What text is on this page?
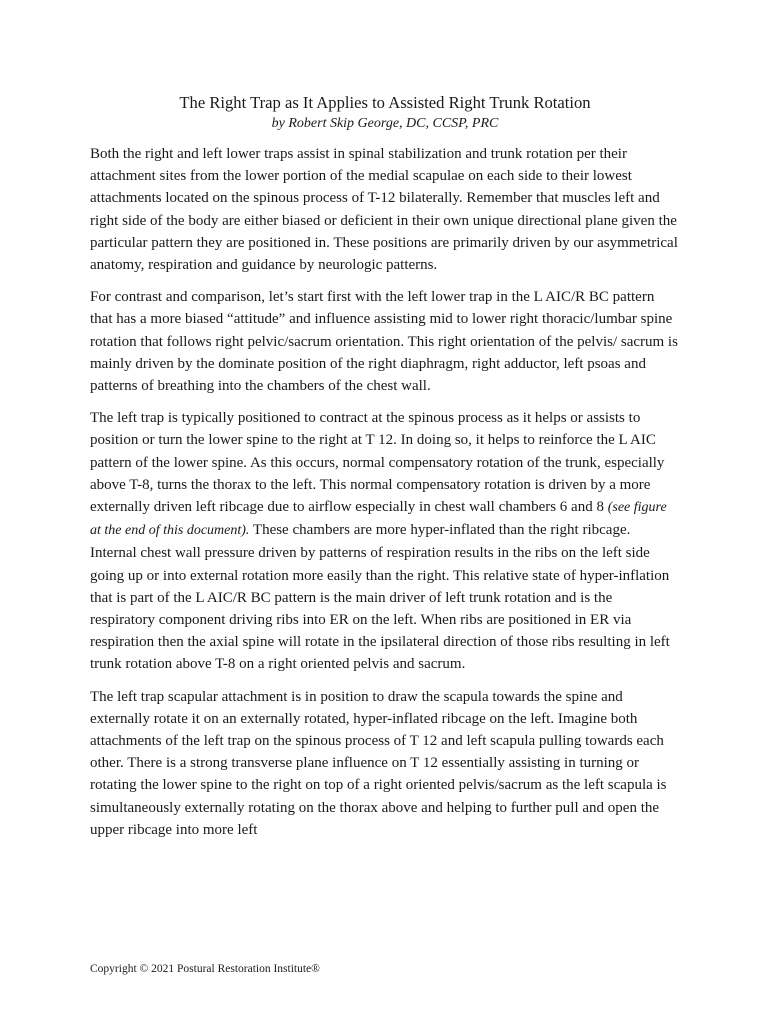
The Right Trap as It Applies to Assisted Right Trunk Rotation

by Robert Skip George, DC, CCSP, PRC

Both the right and left lower traps assist in spinal stabilization and trunk rotation per their attachment sites from the lower portion of the medial scapulae on each side to their lowest attachments located on the spinous process of T-12 bilaterally. Remember that muscles left and right side of the body are either biased or deficient in their own unique directional plane given the particular pattern they are positioned in. These positions are primarily driven by our asymmetrical anatomy, respiration and guidance by neurologic patterns.

For contrast and comparison, let’s start first with the left lower trap in the L AIC/R BC pattern that has a more biased “attitude” and influence assisting mid to lower right thoracic/lumbar spine rotation that follows right pelvic/sacrum orientation. This right orientation of the pelvis/ sacrum is mainly driven by the dominate position of the right diaphragm, right adductor, left psoas and patterns of breathing into the chambers of the chest wall.

The left trap is typically positioned to contract at the spinous process as it helps or assists to position or turn the lower spine to the right at T 12. In doing so, it helps to reinforce the L AIC pattern of the lower spine. As this occurs, normal compensatory rotation of the trunk, especially above T-8, turns the thorax to the left. This normal compensatory rotation is driven by a more externally driven left ribcage due to airflow especially in chest wall chambers 6 and 8 (see figure at the end of this document). These chambers are more hyper-inflated than the right ribcage. Internal chest wall pressure driven by patterns of respiration results in the ribs on the left side going up or into external rotation more easily than the right. This relative state of hyper-inflation that is part of the L AIC/R BC pattern is the main driver of left trunk rotation and is the respiratory component driving ribs into ER on the left. When ribs are positioned in ER via respiration then the axial spine will rotate in the ipsilateral direction of those ribs resulting in left trunk rotation above T-8 on a right oriented pelvis and sacrum.

The left trap scapular attachment is in position to draw the scapula towards the spine and externally rotate it on an externally rotated, hyper-inflated ribcage on the left. Imagine both attachments of the left trap on the spinous process of T 12 and left scapula pulling towards each other. There is a strong transverse plane influence on T 12 essentially assisting in turning or rotating the lower spine to the right on top of a right oriented pelvis/sacrum as the left scapula is simultaneously externally rotating on the thorax above and helping to further pull and open the upper ribcage into more left

Copyright © 2021 Postural Restoration Institute®
